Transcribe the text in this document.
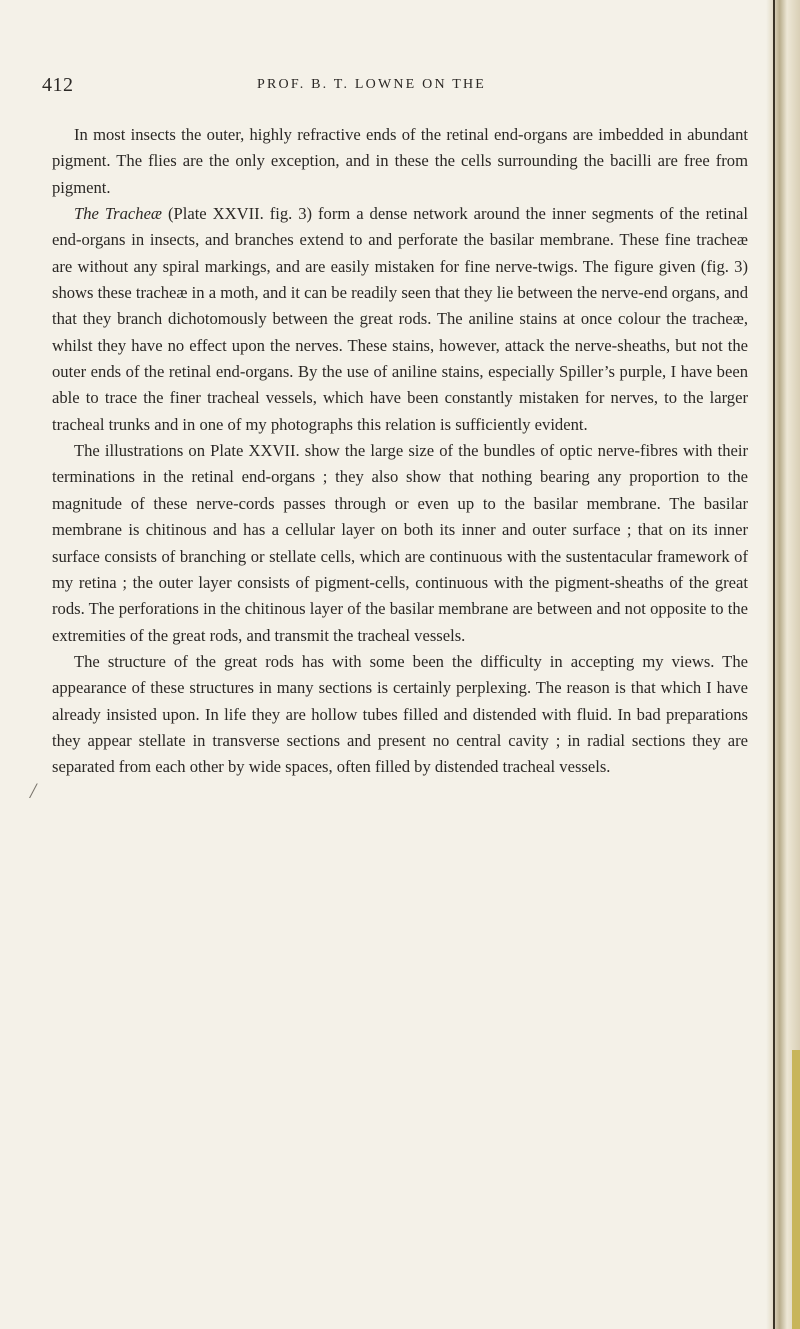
412	PROF. B. T. LOWNE ON THE
/

In most insects the outer, highly refractive ends of the retinal end-organs are imbedded in abundant pigment. The flies are the only exception, and in these the cells surrounding the bacilli are free from pigment.

The Tracheæ (Plate XXVII. fig. 3) form a dense network around the inner segments of the retinal end-organs in insects, and branches extend to and perforate the basilar membrane. These fine tracheæ are without any spiral markings, and are easily mistaken for fine nerve-twigs. The figure given (fig. 3) shows these tracheæ in a moth, and it can be readily seen that they lie between the nerve-end organs, and that they branch dichotomously between the great rods. The aniline stains at once colour the tracheæ, whilst they have no effect upon the nerves. These stains, however, attack the nerve-sheaths, but not the outer ends of the retinal end-organs. By the use of aniline stains, especially Spiller’s purple, I have been able to trace the finer tracheal vessels, which have been constantly mistaken for nerves, to the larger tracheal trunks and in one of my photographs this relation is sufficiently evident.

The illustrations on Plate XXVII. show the large size of the bundles of optic nerve-fibres with their terminations in the retinal end-organs ; they also show that nothing bearing any proportion to the magnitude of these nerve-cords passes through or even up to the basilar membrane. The basilar membrane is chitinous and has a cellular layer on both its inner and outer surface ; that on its inner surface consists of branching or stellate cells, which are continuous with the sustentacular framework of my retina ; the outer layer consists of pigment-cells, continuous with the pigment-sheaths of the great rods. The perforations in the chitinous layer of the basilar membrane are between and not opposite to the extremities of the great rods, and transmit the tracheal vessels.

The structure of the great rods has with some been the difficulty in accepting my views. The appearance of these structures in many sections is certainly perplexing. The reason is that which I have already insisted upon. In life they are hollow tubes filled and distended with fluid. In bad preparations they appear stellate in transverse sections and present no central cavity ; in radial sections they are separated from each other by wide spaces, often filled by distended tracheal vessels.
